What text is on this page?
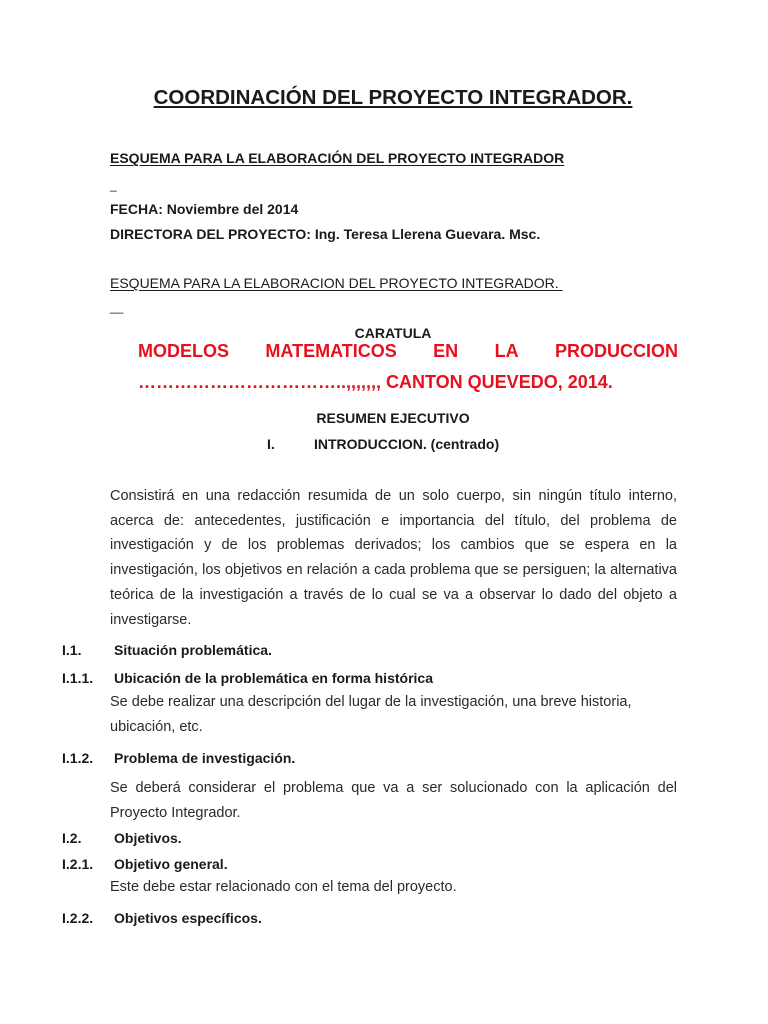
COORDINACIÓN DEL PROYECTO INTEGRADOR.
ESQUEMA PARA LA ELABORACIÓN DEL PROYECTO INTEGRADOR
_
FECHA: Noviembre del 2014
DIRECTORA DEL PROYECTO: Ing. Teresa Llerena Guevara. Msc.
ESQUEMA PARA LA ELABORACION DEL PROYECTO INTEGRADOR.
__
CARATULA
MODELOS MATEMATICOS EN LA PRODUCCION
……………………………..,,,,,,, CANTON QUEVEDO, 2014.
RESUMEN EJECUTIVO
I.	INTRODUCCION. (centrado)
Consistirá en una redacción resumida de un solo cuerpo, sin ningún título interno, acerca de: antecedentes, justificación e importancia del título, del problema de investigación y de los problemas derivados; los cambios que se espera en la investigación, los objetivos en relación a cada problema que se persiguen; la alternativa teórica de la investigación a través de lo cual se va a observar lo dado del objeto a investigarse.
I.1. Situación problemática.
I.1.1. Ubicación de la problemática en forma histórica
Se debe realizar una descripción del lugar de la investigación, una breve historia,
ubicación, etc.
I.1.2. Problema de investigación.
Se deberá considerar el problema que va a ser solucionado con la aplicación del Proyecto Integrador.
I.2. Objetivos.
I.2.1. Objetivo general.
Este debe estar relacionado con el tema del proyecto.
I.2.2. Objetivos específicos.
